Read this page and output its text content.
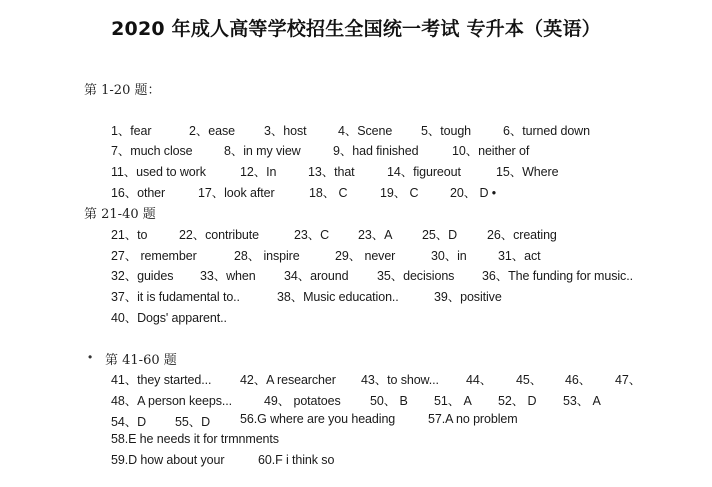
2020 年成人高等学校招生全国统一考试 专升本（英语）
第 1-20 题：
1、fear	2、ease 3、host	4、Scene 5、tough	6、turned down
7、much close	8、in my view	9、had finished	10、neither of
11、used to work	12、In	13、that	14、figureout	15、Where
16、other	17、look after	18、 C	19、 C	20、 D •
第 21-40 题
21、to	22、contribute	23、C 23、A 25、D 26、creating
27、 remember	28、 inspire	29、 never	30、in	31、act
32、guides 33、when 34、around 35、decisions 36、The funding for music..
37、it is fudamental to..	38、Music education..	39、positive
40、Dogs' apparent..
• 第 41-60 题
41、they started... 42、A researcher 43、to show... 44、 45、 46、 47、
48、A person keeps...	49、 potatoes 50、 B 51、 A 52、 D 53、 A
54、D 55、D 56.G where are you heading	57.A no problem
58.E he needs it for trmnments
59.D how about your	60.F i think so
